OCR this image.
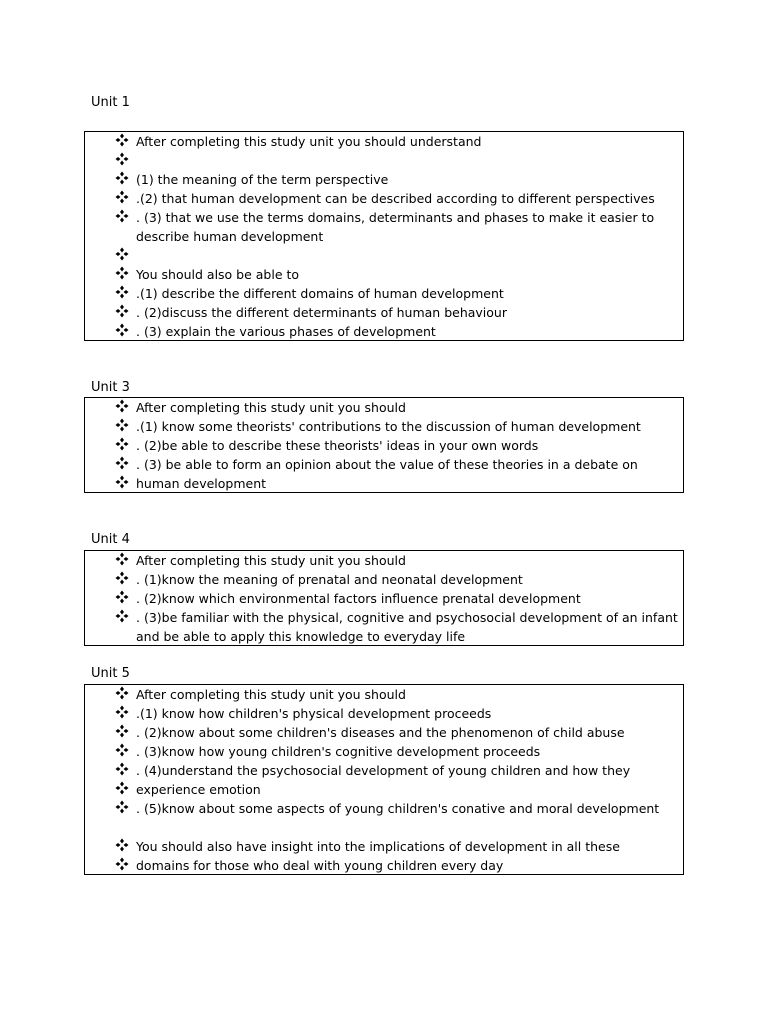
Unit 1
After completing this study unit you should understand
(1) the meaning of the term perspective
.(2) that human development can be described according to different perspectives
. (3) that we use the terms domains, determinants and phases to make it easier to
describe human development
You should also be able to
.(1) describe the different domains of human development
. (2)discuss the different determinants of human behaviour
. (3) explain the various phases of development
Unit 3
After completing this study unit you should
.(1) know some theorists' contributions to the discussion of human development
. (2)be able to describe these theorists' ideas in your own words
. (3) be able to form an opinion about the value of these theories in a debate on
human development
Unit 4
After completing this study unit you should
. (1)know the meaning of prenatal and neonatal development
. (2)know which environmental factors influence prenatal development
. (3)be familiar with the physical, cognitive and psychosocial development of an infant
and be able to apply this knowledge to everyday life
Unit 5
After completing this study unit you should
.(1) know how children's physical development proceeds
. (2)know about some children's diseases and the phenomenon of child abuse
. (3)know how young children's cognitive development proceeds
. (4)understand the psychosocial development of young children and how they
experience emotion
. (5)know about some aspects of young children's conative and moral development
You should also have insight into the implications of development in all these
domains for those who deal with young children every day
